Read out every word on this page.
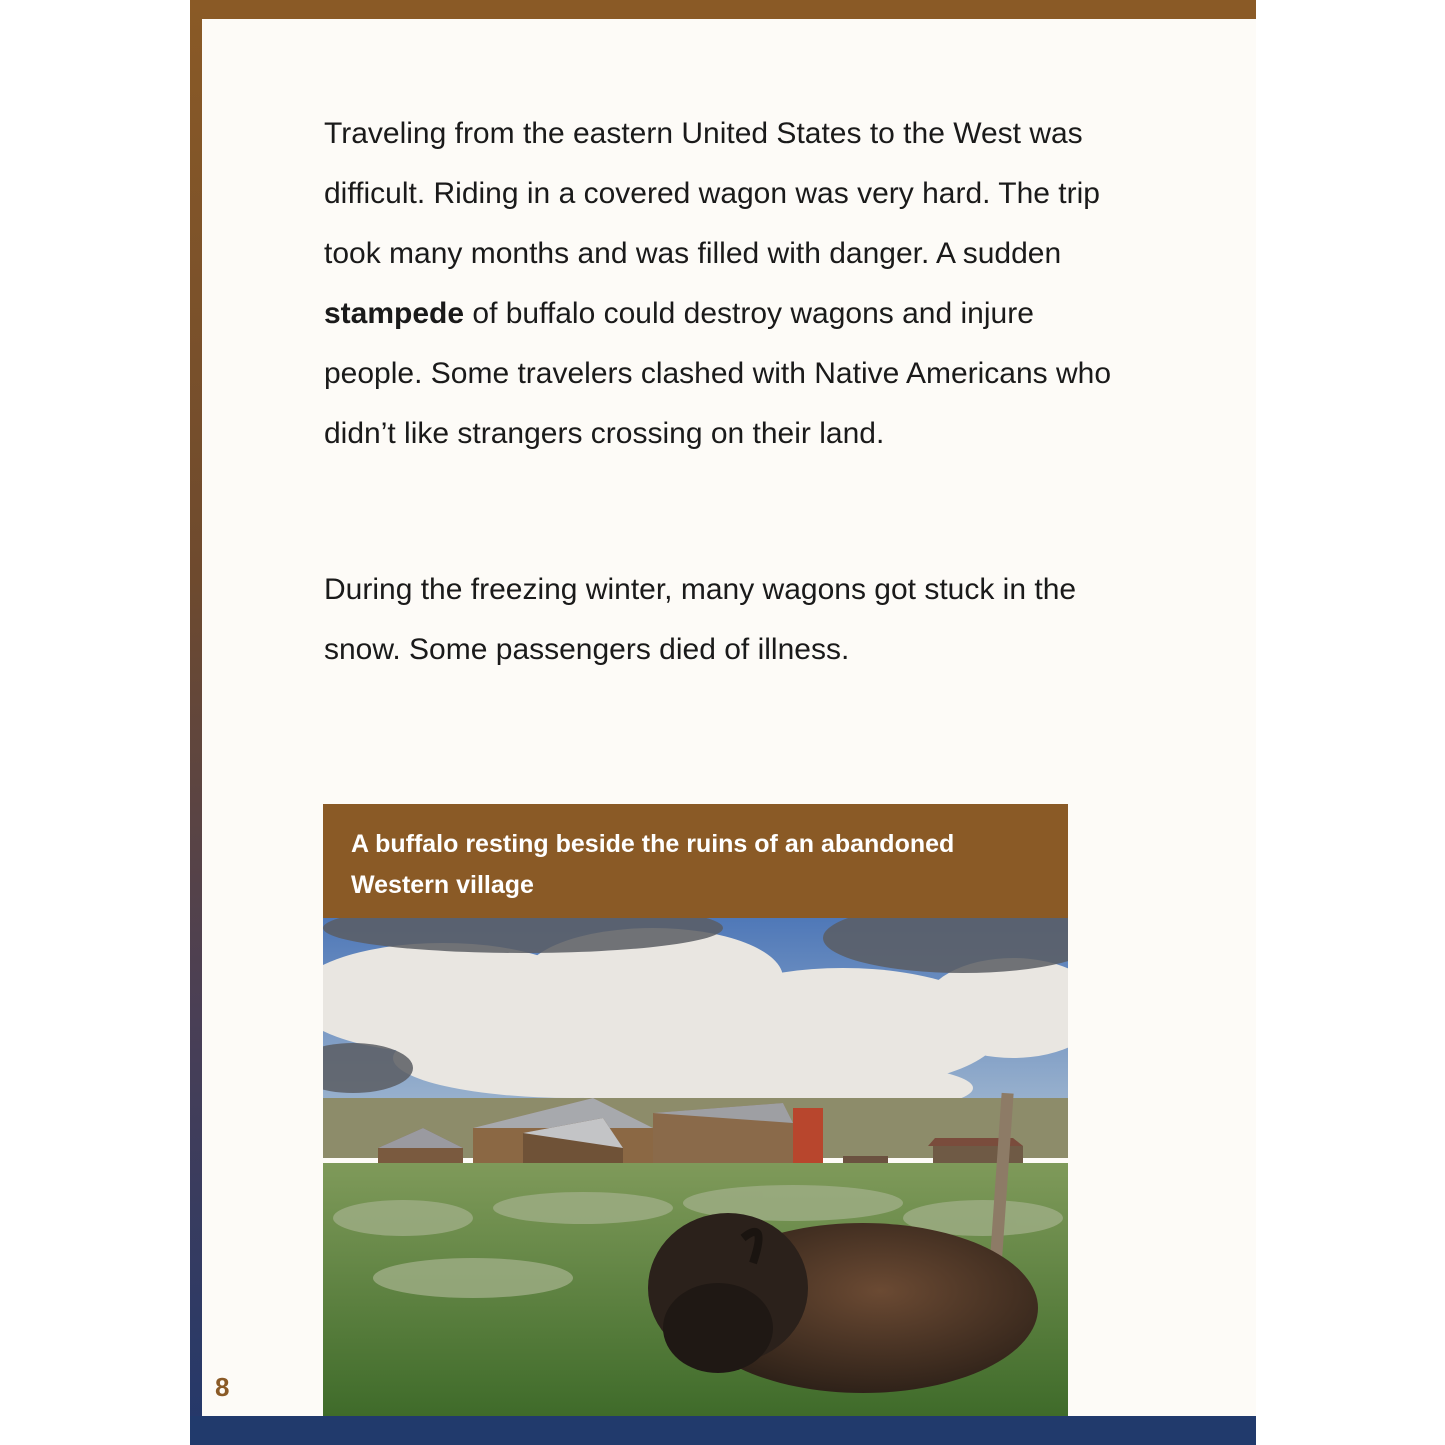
Traveling from the eastern United States to the West was difficult. Riding in a covered wagon was very hard. The trip took many months and was filled with danger. A sudden stampede of buffalo could destroy wagons and injure people. Some travelers clashed with Native Americans who didn’t like strangers crossing on their land.

During the freezing winter, many wagons got stuck in the snow. Some passengers died of illness.

A buffalo resting beside the ruins of an abandoned Western village

8
